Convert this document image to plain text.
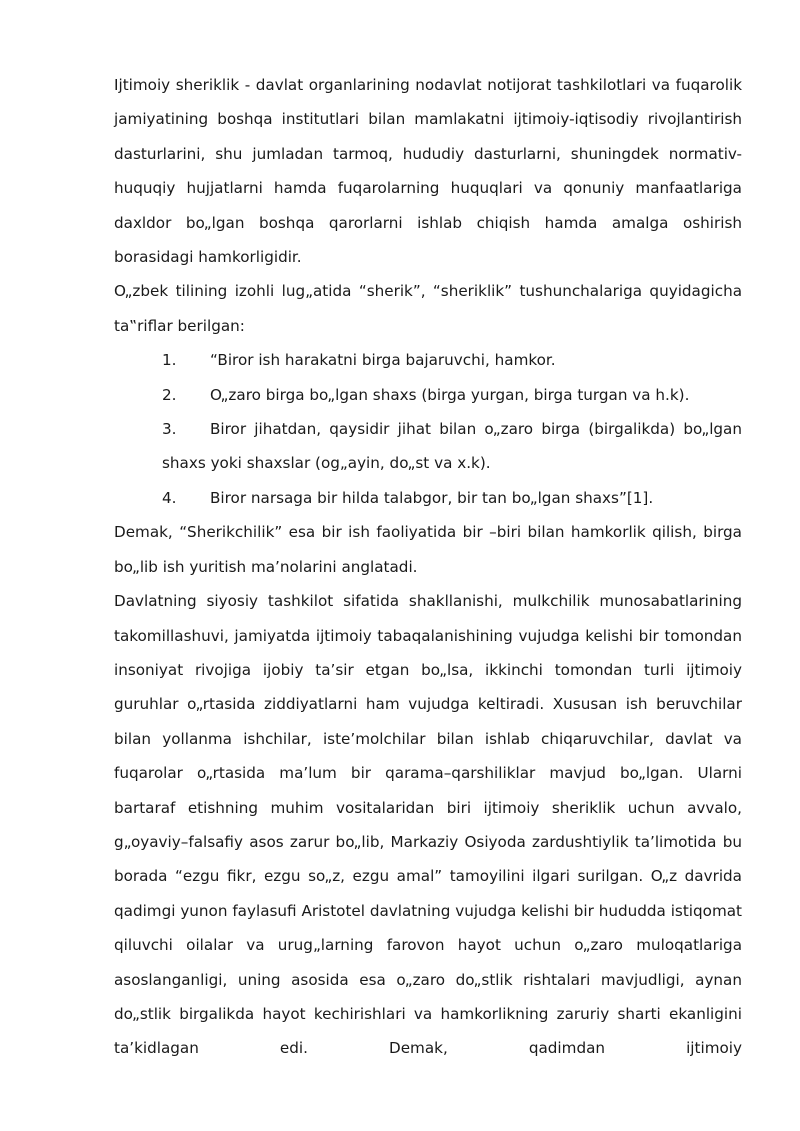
Ijtimoiy sheriklik - davlat organlarining nodavlat notijorat tashkilotlari va fuqarolik jamiyatining boshqa institutlari bilan mamlakatni ijtimoiy-iqtisodiy rivojlantirish dasturlarini, shu jumladan tarmoq, hududiy dasturlarni, shuningdek normativ-huquqiy hujjatlarni hamda fuqarolarning huquqlari va qonuniy manfaatlariga daxldor bo„lgan boshqa qarorlarni ishlab chiqish hamda amalga oshirish borasidagi hamkorligidir.

O„zbek tilining izohli lug„atida “sherik”, “sheriklik” tushunchalariga quyidagicha ta‟riflar berilgan:

1.	“Biror ish harakatni birga bajaruvchi, hamkor.
2.	O„zaro birga bo„lgan shaxs (birga yurgan, birga turgan va h.k).
3.	Biror jihatdan, qaysidir jihat bilan o„zaro birga (birgalikda) bo„lgan
shaxs yoki shaxslar (og„ayin, do„st va x.k).
4.	Biror narsaga bir hilda talabgor, bir tan bo„lgan shaxs”[1].

Demak, “Sherikchilik” esa bir ish faoliyatida bir –biri bilan hamkorlik qilish, birga bo„lib ish yuritish ma’nolarini anglatadi.

Davlatning siyosiy tashkilot sifatida shakllanishi, mulkchilik munosabatlarining takomillashuvi, jamiyatda ijtimoiy tabaqalanishining vujudga kelishi bir tomondan insoniyat rivojiga ijobiy ta’sir etgan bo„lsa, ikkinchi tomondan turli ijtimoiy guruhlar o„rtasida ziddiyatlarni ham vujudga keltiradi. Xususan ish beruvchilar bilan yollanma ishchilar, iste’molchilar bilan ishlab chiqaruvchilar, davlat va fuqarolar o„rtasida ma’lum bir qarama–qarshiliklar mavjud bo„lgan. Ularni bartaraf etishning muhim vositalaridan biri ijtimoiy sheriklik uchun avvalo, g„oyaviy–falsafiy asos zarur bo„lib, Markaziy Osiyoda zardushtiylik ta’limotida bu borada “ezgu fikr, ezgu so„z, ezgu amal” tamoyilini ilgari surilgan. O„z davrida qadimgi yunon faylasufi Aristotel davlatning vujudga kelishi bir hududda istiqomat qiluvchi oilalar va urug„larning farovon hayot uchun o„zaro muloqatlariga asoslanganligi, uning asosida esa o„zaro do„stlik rishtalari mavjudligi, aynan do„stlik birgalikda hayot kechirishlari va hamkorlikning zaruriy sharti ekanligini ta’kidlagan edi. Demak, qadimdan ijtimoiy
